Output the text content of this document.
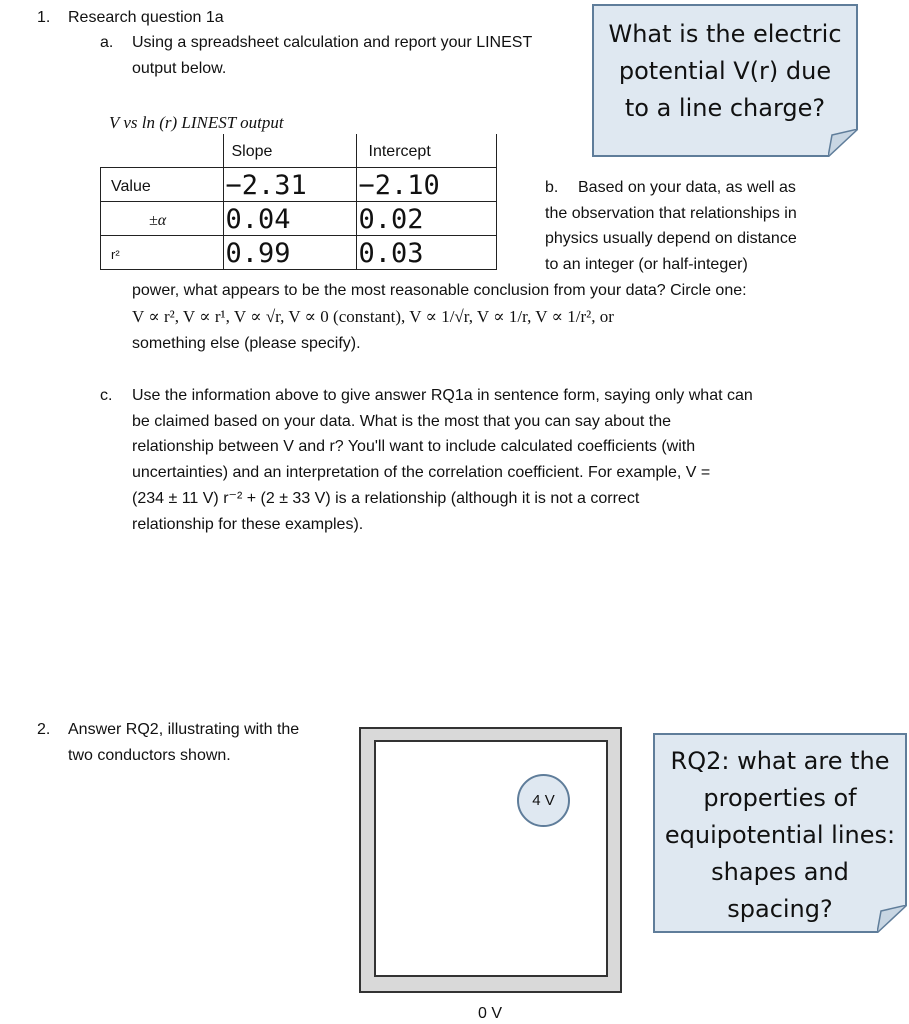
1. Research question 1a
a. Using a spreadsheet calculation and report your LINEST
output below.
What is the electric
potential V(r) due
to a line charge?
V vs ln (r) LINEST output

	Slope	Intercept

Value	−2.31	−2.10

±α	0.04	0.02

r²	0.99	0.03
b. Based on your data, as well as
the observation that relationships in
physics usually depend on distance
to an integer (or half-integer)
power, what appears to be the most reasonable conclusion from your data? Circle one:
V ∝ r², V ∝ r¹, V ∝ √r, V ∝ 0 (constant), V ∝ 1/√r, V ∝ 1/r, V ∝ 1/r², or
something else (please specify).
c. Use the information above to give answer RQ1a in sentence form, saying only what can
be claimed based on your data. What is the most that you can say about the
relationship between V and r? You'll want to include calculated coefficients (with
uncertainties) and an interpretation of the correlation coefficient. For example, V =
(234 ± 11 V) r⁻² + (2 ± 33 V) is a relationship (although it is not a correct
relationship for these examples).
2. Answer RQ2, illustrating with the
two conductors shown.
4 V
0 V
RQ2: what are the
properties of
equipotential lines:
shapes and spacing?
